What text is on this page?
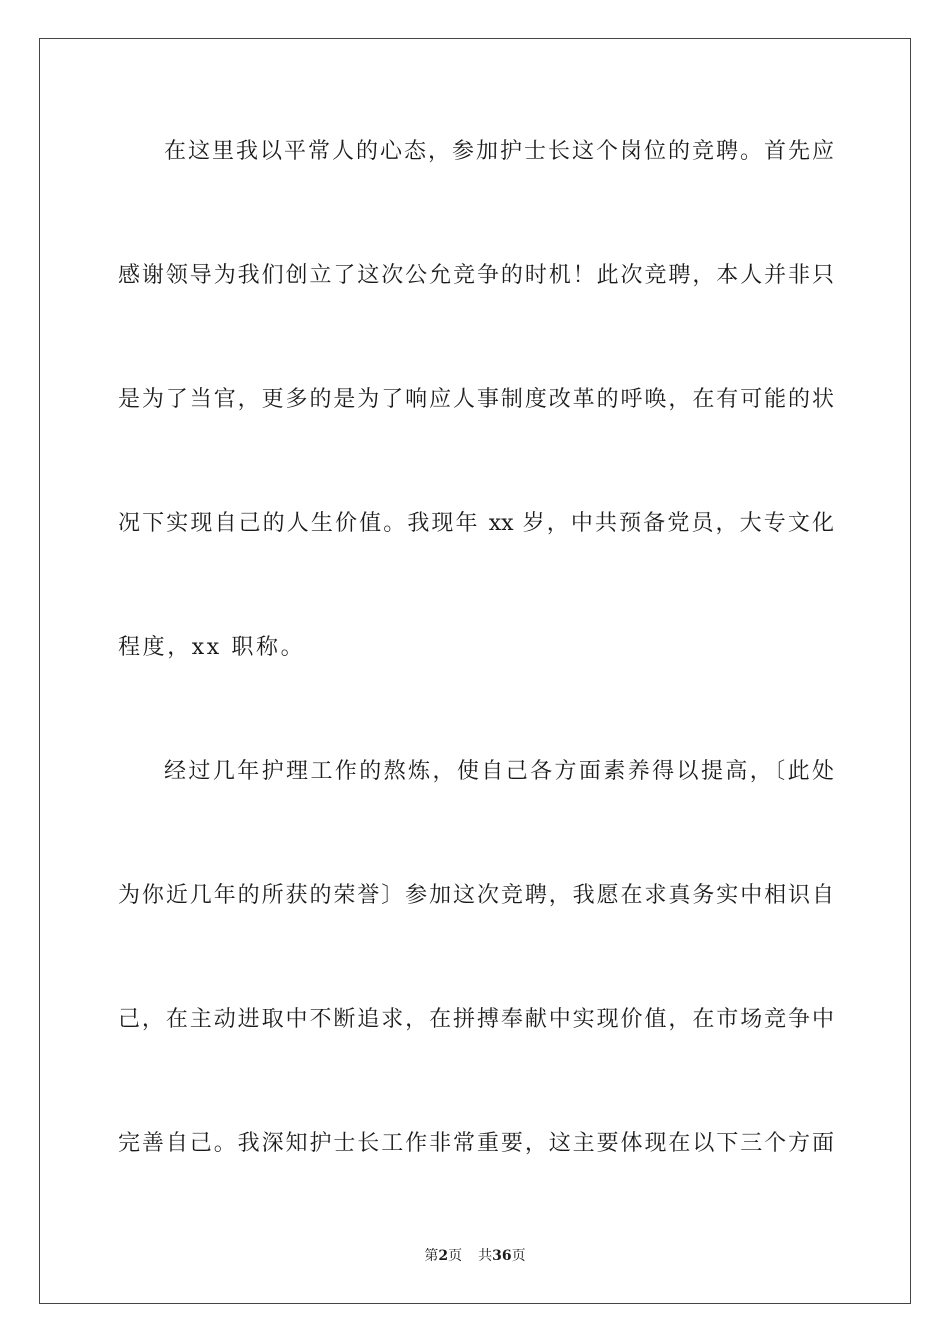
在这里我以平常人的心态，参加护士长这个岗位的竞聘。首先应
感谢领导为我们创立了这次公允竞争的时机！此次竞聘，本人并非只
是为了当官，更多的是为了响应人事制度改革的呼唤，在有可能的状
况下实现自己的人生价值。我现年 xx 岁，中共预备党员，大专文化
程度，xx 职称。
经过几年护理工作的熬炼，使自己各方面素养得以提高，〔此处
为你近几年的所获的荣誉〕参加这次竞聘，我愿在求真务实中相识自
己，在主动进取中不断追求，在拼搏奉献中实现价值，在市场竞争中
完善自己。我深知护士长工作非常重要，这主要体现在以下三个方面
第2页 共36页
